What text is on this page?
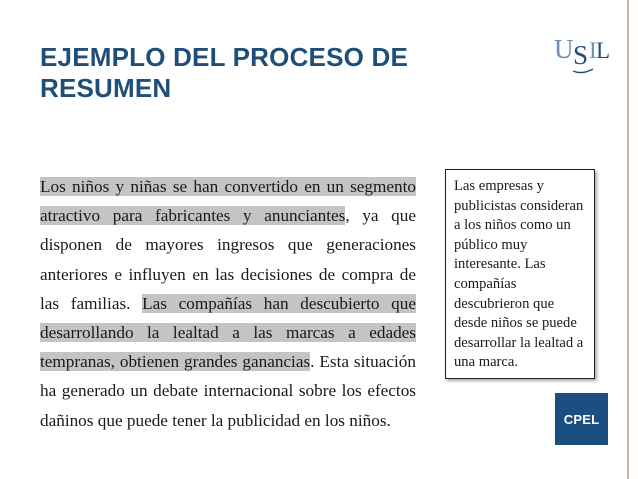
EJEMPLO DEL PROCESO DE
RESUMEN
U S I L

Los niños y niñas se han convertido en un segmento atractivo para fabricantes y anunciantes, ya que disponen de mayores ingresos que generaciones anteriores e influyen en las decisiones de compra de las familias. Las compañías han descubierto que desarrollando la lealtad a las marcas a edades tempranas, obtienen grandes ganancias. Esta situación ha generado un debate internacional sobre los efectos dañinos que puede tener la publicidad en los niños.

Las empresas y publicistas consideran a los niños como un público muy interesante. Las compañías descubrieron que desde niños se puede desarrollar la lealtad a una marca.
CPEL
